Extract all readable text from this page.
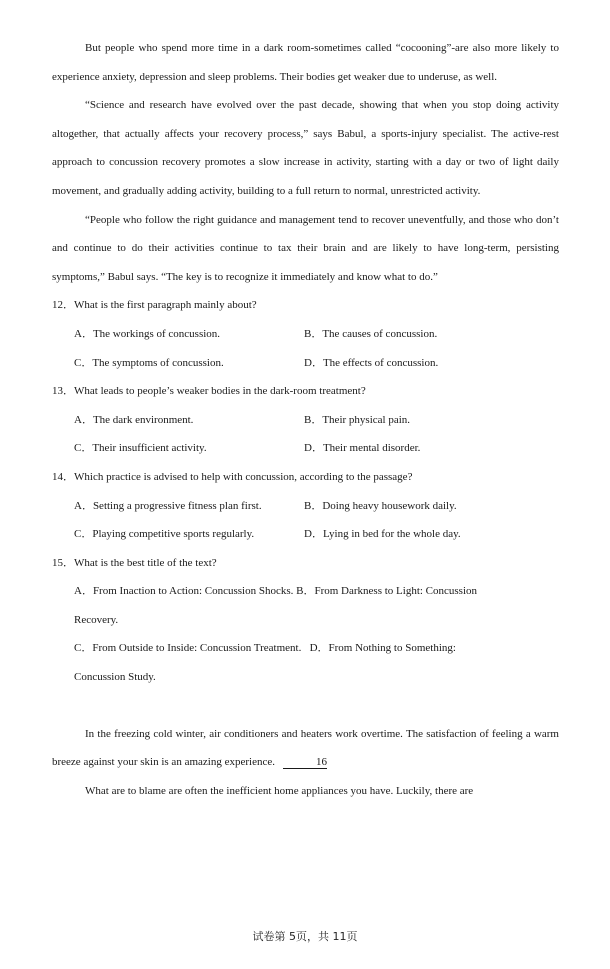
But people who spend more time in a dark room-sometimes called “cocooning”-are also more likely to experience anxiety, depression and sleep problems. Their bodies get weaker due to underuse, as well.

“Science and research have evolved over the past decade, showing that when you stop doing activity altogether, that actually affects your recovery process,” says Babul, a sports-injury specialist. The active-rest approach to concussion recovery promotes a slow increase in activity, starting with a day or two of light daily movement, and gradually adding activity, building to a full return to normal, unrestricted activity.

“People who follow the right guidance and management tend to recover uneventfully, and those who don’t and continue to do their activities continue to tax their brain and are likely to have long-term, persisting symptoms,” Babul says. “The key is to recognize it immediately and know what to do.”

12．What is the first paragraph mainly about?

A．The workings of concussion.	B．The causes of concussion.
C．The symptoms of concussion.	D．The effects of concussion.

13．What leads to people’s weaker bodies in the dark-room treatment?

A．The dark environment.	B．Their physical pain.
C．Their insufficient activity.	D．Their mental disorder.

14．Which practice is advised to help with concussion, according to the passage?

A．Setting a progressive fitness plan first.	B．Doing heavy housework daily.
C．Playing competitive sports regularly.	D．Lying in bed for the whole day.

15．What is the best title of the text?

A．From Inaction to Action: Concussion Shocks. B．From Darkness to Light: Concussion
Recovery.
C．From Outside to Inside: Concussion Treatment.   D．From Nothing to Something:
Concussion Study.

In the freezing cold winter, air conditioners and heaters work overtime. The satisfaction of feeling a warm breeze against your skin is an amazing experience.	16

What are to blame are often the inefficient home appliances you have. Luckily, there are

试卷第 5页，共 11页
